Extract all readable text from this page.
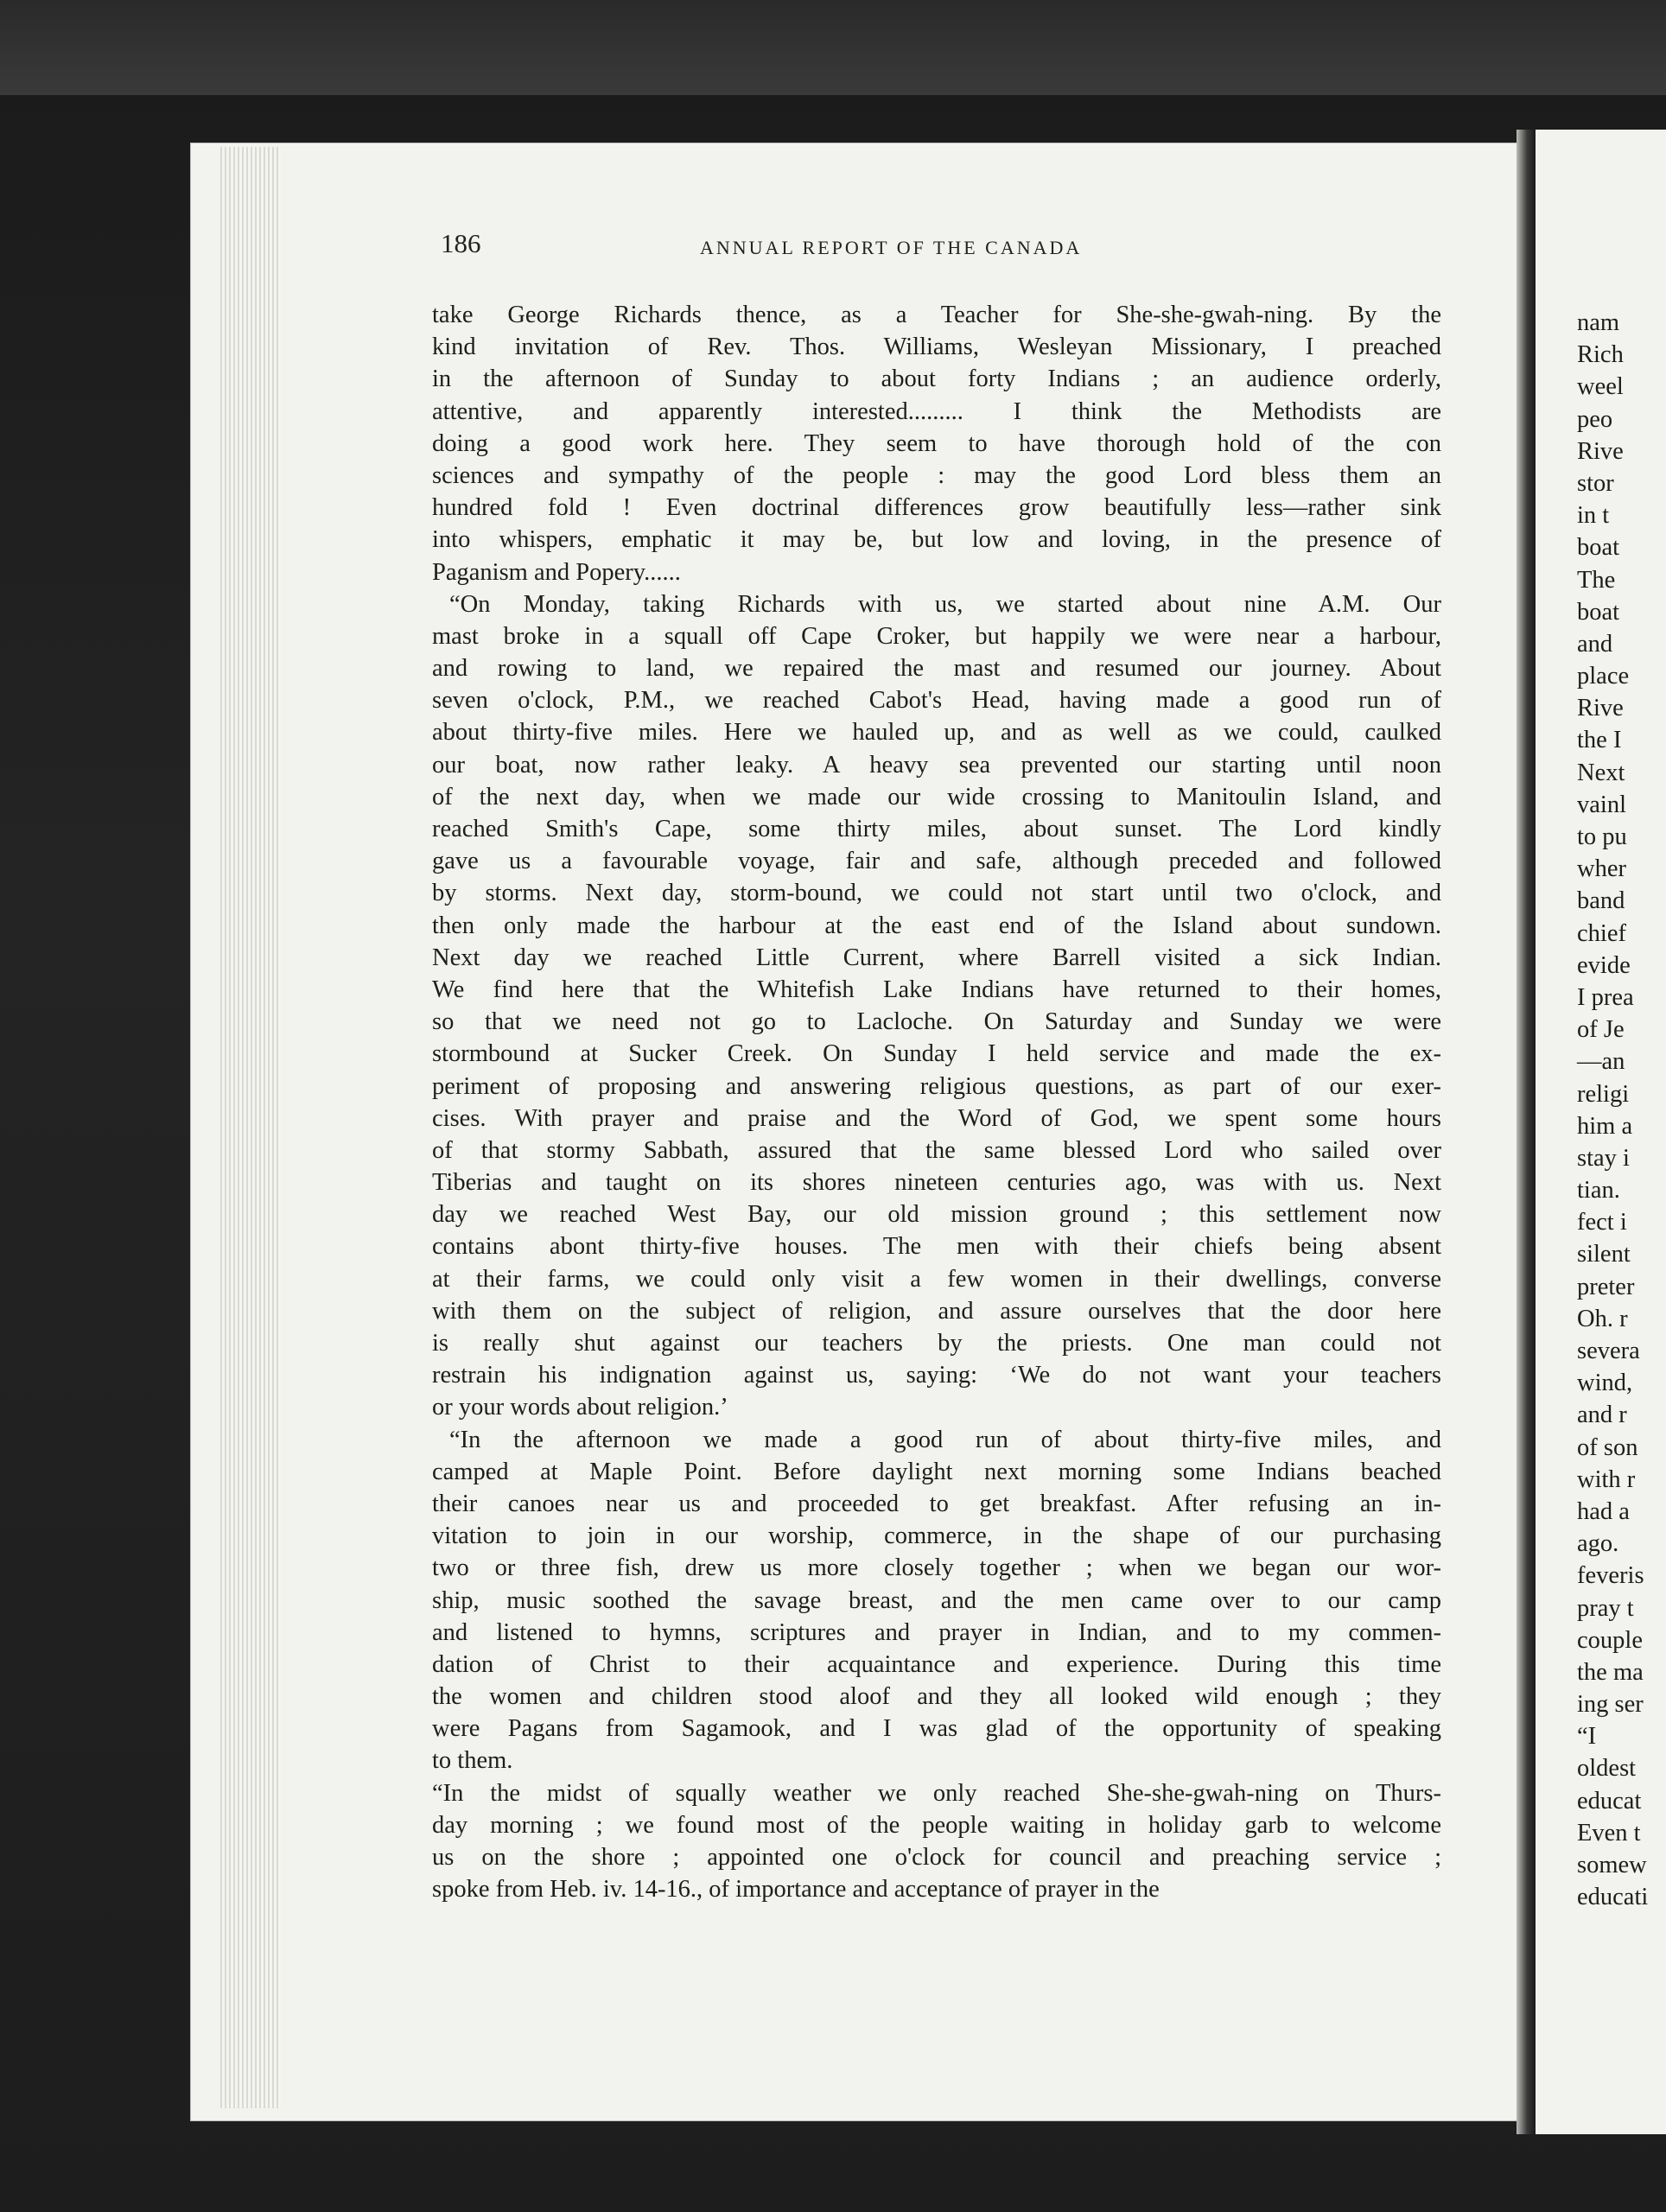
nam
Rich
weel
peo
Rive
stor
in t
boat
The
boat
and
place
Rive
the I
Next
vainl
to pu
wher
band
chief
evide
I prea
of Je
—an
religi
him a
stay i
tian.
fect i
silent
preter
Oh. r
severa
wind,
and r
of son
with r
had a
ago.
feveris
pray t
couple
the ma
ing ser
“I
oldest
educat
Even t
somew
educati
186	ANNUAL REPORT OF THE CANADA
take George Richards thence, as a Teacher for She-she-gwah-ning. By the
kind invitation of Rev. Thos. Williams, Wesleyan Missionary, I preached
in the afternoon of Sunday to about forty Indians ; an audience orderly,
attentive, and apparently interested......... I think the Methodists are
doing a good work here. They seem to have thorough hold of the con
sciences and sympathy of the people : may the good Lord bless them an
hundred fold ! Even doctrinal differences grow beautifully less—rather sink
into whispers, emphatic it may be, but low and loving, in the presence of
Paganism and Popery......
“On Monday, taking Richards with us, we started about nine A.M. Our
mast broke in a squall off Cape Croker, but happily we were near a harbour,
and rowing to land, we repaired the mast and resumed our journey. About
seven o'clock, P.M., we reached Cabot's Head, having made a good run of
about thirty-five miles. Here we hauled up, and as well as we could, caulked
our boat, now rather leaky. A heavy sea prevented our starting until noon
of the next day, when we made our wide crossing to Manitoulin Island, and
reached Smith's Cape, some thirty miles, about sunset. The Lord kindly
gave us a favourable voyage, fair and safe, although preceded and followed
by storms. Next day, storm-bound, we could not start until two o'clock, and
then only made the harbour at the east end of the Island about sundown.
Next day we reached Little Current, where Barrell visited a sick Indian.
We find here that the Whitefish Lake Indians have returned to their homes,
so that we need not go to Lacloche. On Saturday and Sunday we were
stormbound at Sucker Creek. On Sunday I held service and made the ex-
periment of proposing and answering religious questions, as part of our exer-
cises. With prayer and praise and the Word of God, we spent some hours
of that stormy Sabbath, assured that the same blessed Lord who sailed over
Tiberias and taught on its shores nineteen centuries ago, was with us. Next
day we reached West Bay, our old mission ground ; this settlement now
contains abont thirty-five houses. The men with their chiefs being absent
at their farms, we could only visit a few women in their dwellings, converse
with them on the subject of religion, and assure ourselves that the door here
is really shut against our teachers by the priests. One man could not
restrain his indignation against us, saying: ‘We do not want your teachers
or your words about religion.’
“In the afternoon we made a good run of about thirty-five miles, and
camped at Maple Point. Before daylight next morning some Indians beached
their canoes near us and proceeded to get breakfast. After refusing an in-
vitation to join in our worship, commerce, in the shape of our purchasing
two or three fish, drew us more closely together ; when we began our wor-
ship, music soothed the savage breast, and the men came over to our camp
and listened to hymns, scriptures and prayer in Indian, and to my commen-
dation of Christ to their acquaintance and experience. During this time
the women and children stood aloof and they all looked wild enough ; they
were Pagans from Sagamook, and I was glad of the opportunity of speaking
to them.
“In the midst of squally weather we only reached She-she-gwah-ning on Thurs-
day morning ; we found most of the people waiting in holiday garb to welcome
us on the shore ; appointed one o'clock for council and preaching service ;
spoke from Heb. iv. 14-16., of importance and acceptance of prayer in the
